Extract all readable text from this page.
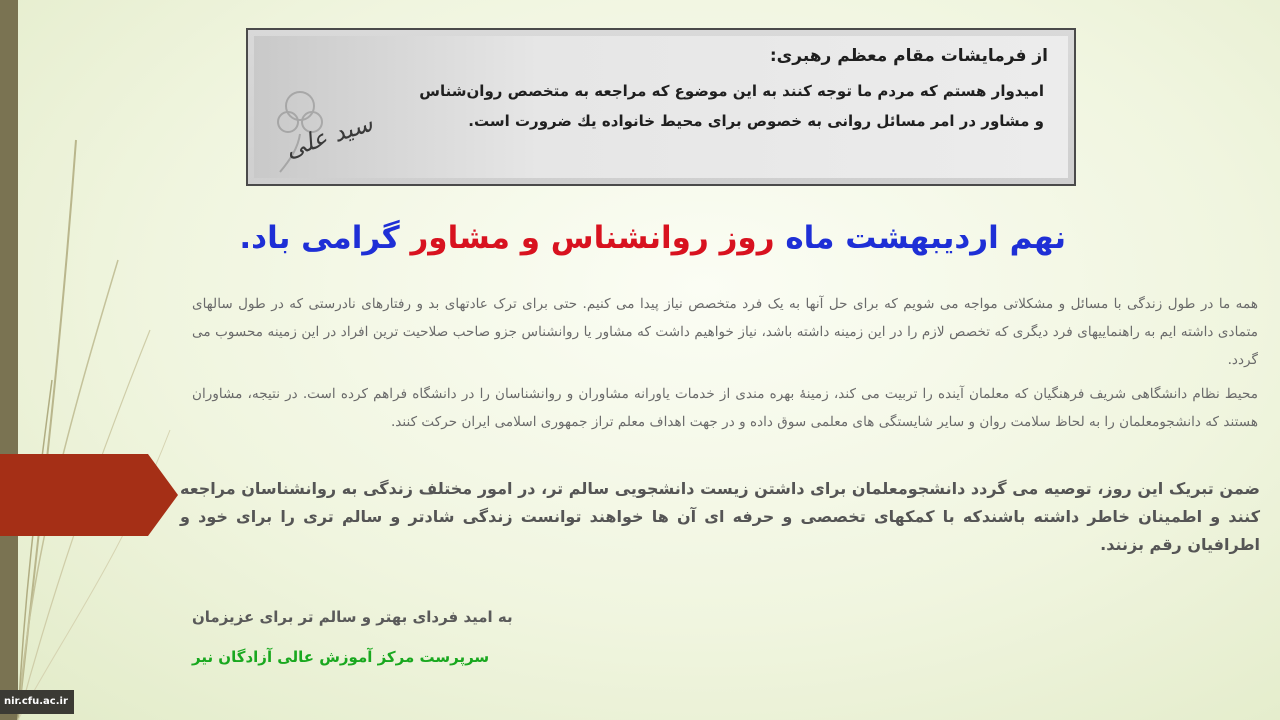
nir.cfu.ac.ir
از فرمایشات مقام معظم رهبری:
امیدوار هستم که مردم ما توجه کنند به این موضوع که مراجعه به متخصص روان‌شناس
و مشاور در امر مسائل روانی به خصوص برای محیط خانواده یك ضرورت است.
سید علی
نهم اردیبهشت ماه روز روانشناس و مشاور گرامی باد.
همه ما در طول زندگی با مسائل و مشکلاتی مواجه می شویم که برای حل آنها به یک فرد متخصص نیاز پیدا می کنیم. حتی برای ترک عادتهای بد و رفتارهای نادرستی که در طول سالهای متمادی داشته ایم به راهنماییهای فرد دیگری که تخصص لازم را در این زمینه داشته باشد، نیاز خواهیم داشت که مشاور یا روانشناس جزو صاحب صلاحیت ترین افراد در این زمینه محسوب می گردد.
محیط نظام دانشگاهی شریف فرهنگیان که معلمان آینده را تربیت می کند، زمینهٔ بهره مندی از خدمات یاورانه مشاوران و روانشناسان را در دانشگاه فراهم کرده است. در نتیجه، مشاوران هستند که دانشجومعلمان را به لحاظ سلامت روان و سایر شایستگی های معلمی سوق داده و در جهت اهداف معلم تراز جمهوری اسلامی ایران حرکت کنند.
ضمن تبریک این روز، توصیه می گردد دانشجومعلمان برای داشتن زیست دانشجویی سالم تر، در امور مختلف زندگی به روانشناسان مراجعه کنند و اطمینان خاطر داشته باشندکه با کمکهای تخصصی و حرفه ای آن ها خواهند توانست زندگی شادتر و سالم تری را برای خود و اطرافیان رقم بزنند.
به امید فردای بهتر و سالم تر برای عزیزمان
سرپرست مرکز آموزش عالی آزادگان نیر
